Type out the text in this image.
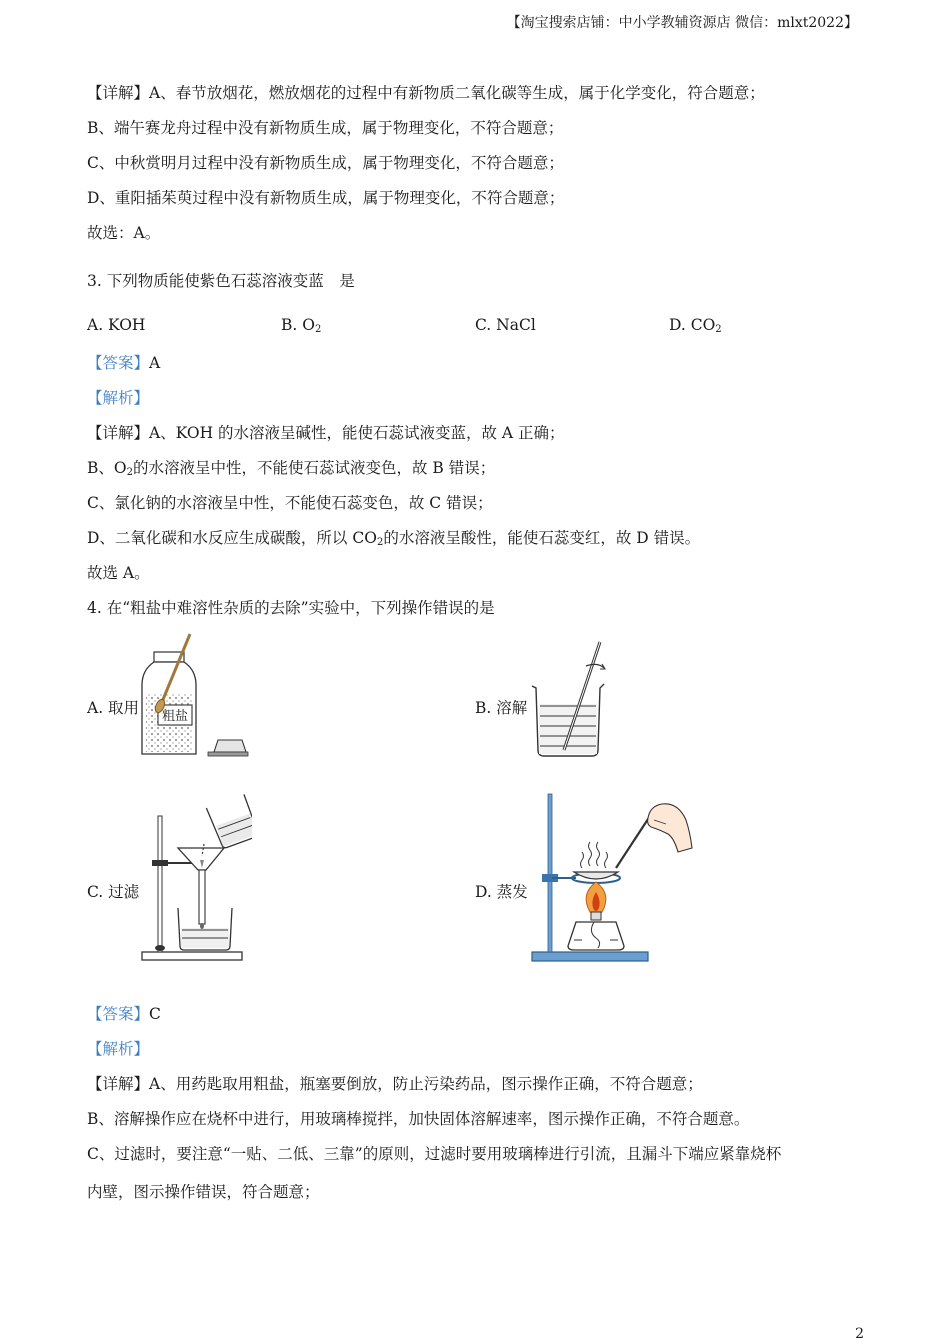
【淘宝搜索店铺：中小学教辅资源店 微信：mlxt2022】
【详解】A、春节放烟花，燃放烟花的过程中有新物质二氧化碳等生成，属于化学变化，符合题意；
B、端午赛龙舟过程中没有新物质生成，属于物理变化，不符合题意；
C、中秋赏明月过程中没有新物质生成，属于物理变化，不符合题意；
D、重阳插茱萸过程中没有新物质生成，属于物理变化，不符合题意；
故选：A。
3. 下列物质能使紫色石蕊溶液变蓝　是
A. KOH	B. $O_2$	C. NaCl	D. $CO_2$
【答案】A
【解析】
【详解】A、KOH 的水溶液呈碱性，能使石蕊试液变蓝，故 A 正确；
B、$O_2$的水溶液呈中性，不能使石蕊试液变色，故 B 错误；
C、氯化钠的水溶液呈中性，不能使石蕊变色，故 C 错误；
D、二氧化碳和水反应生成碳酸，所以 $CO_2$的水溶液呈酸性，能使石蕊变红，故 D 错误。
故选 A。
4. 在“粗盐中难溶性杂质的去除”实验中，下列操作错误的是
A. 取用	B. 溶解
C. 过滤	D. 蒸发
粗盐
【答案】C
【解析】
【详解】A、用药匙取用粗盐，瓶塞要倒放，防止污染药品，图示操作正确，不符合题意；
B、溶解操作应在烧杯中进行，用玻璃棒搅拌，加快固体溶解速率，图示操作正确，不符合题意。
C、过滤时，要注意“一贴、二低、三靠”的原则，过滤时要用玻璃棒进行引流，且漏斗下端应紧靠烧杯
内壁，图示操作错误，符合题意；
2
